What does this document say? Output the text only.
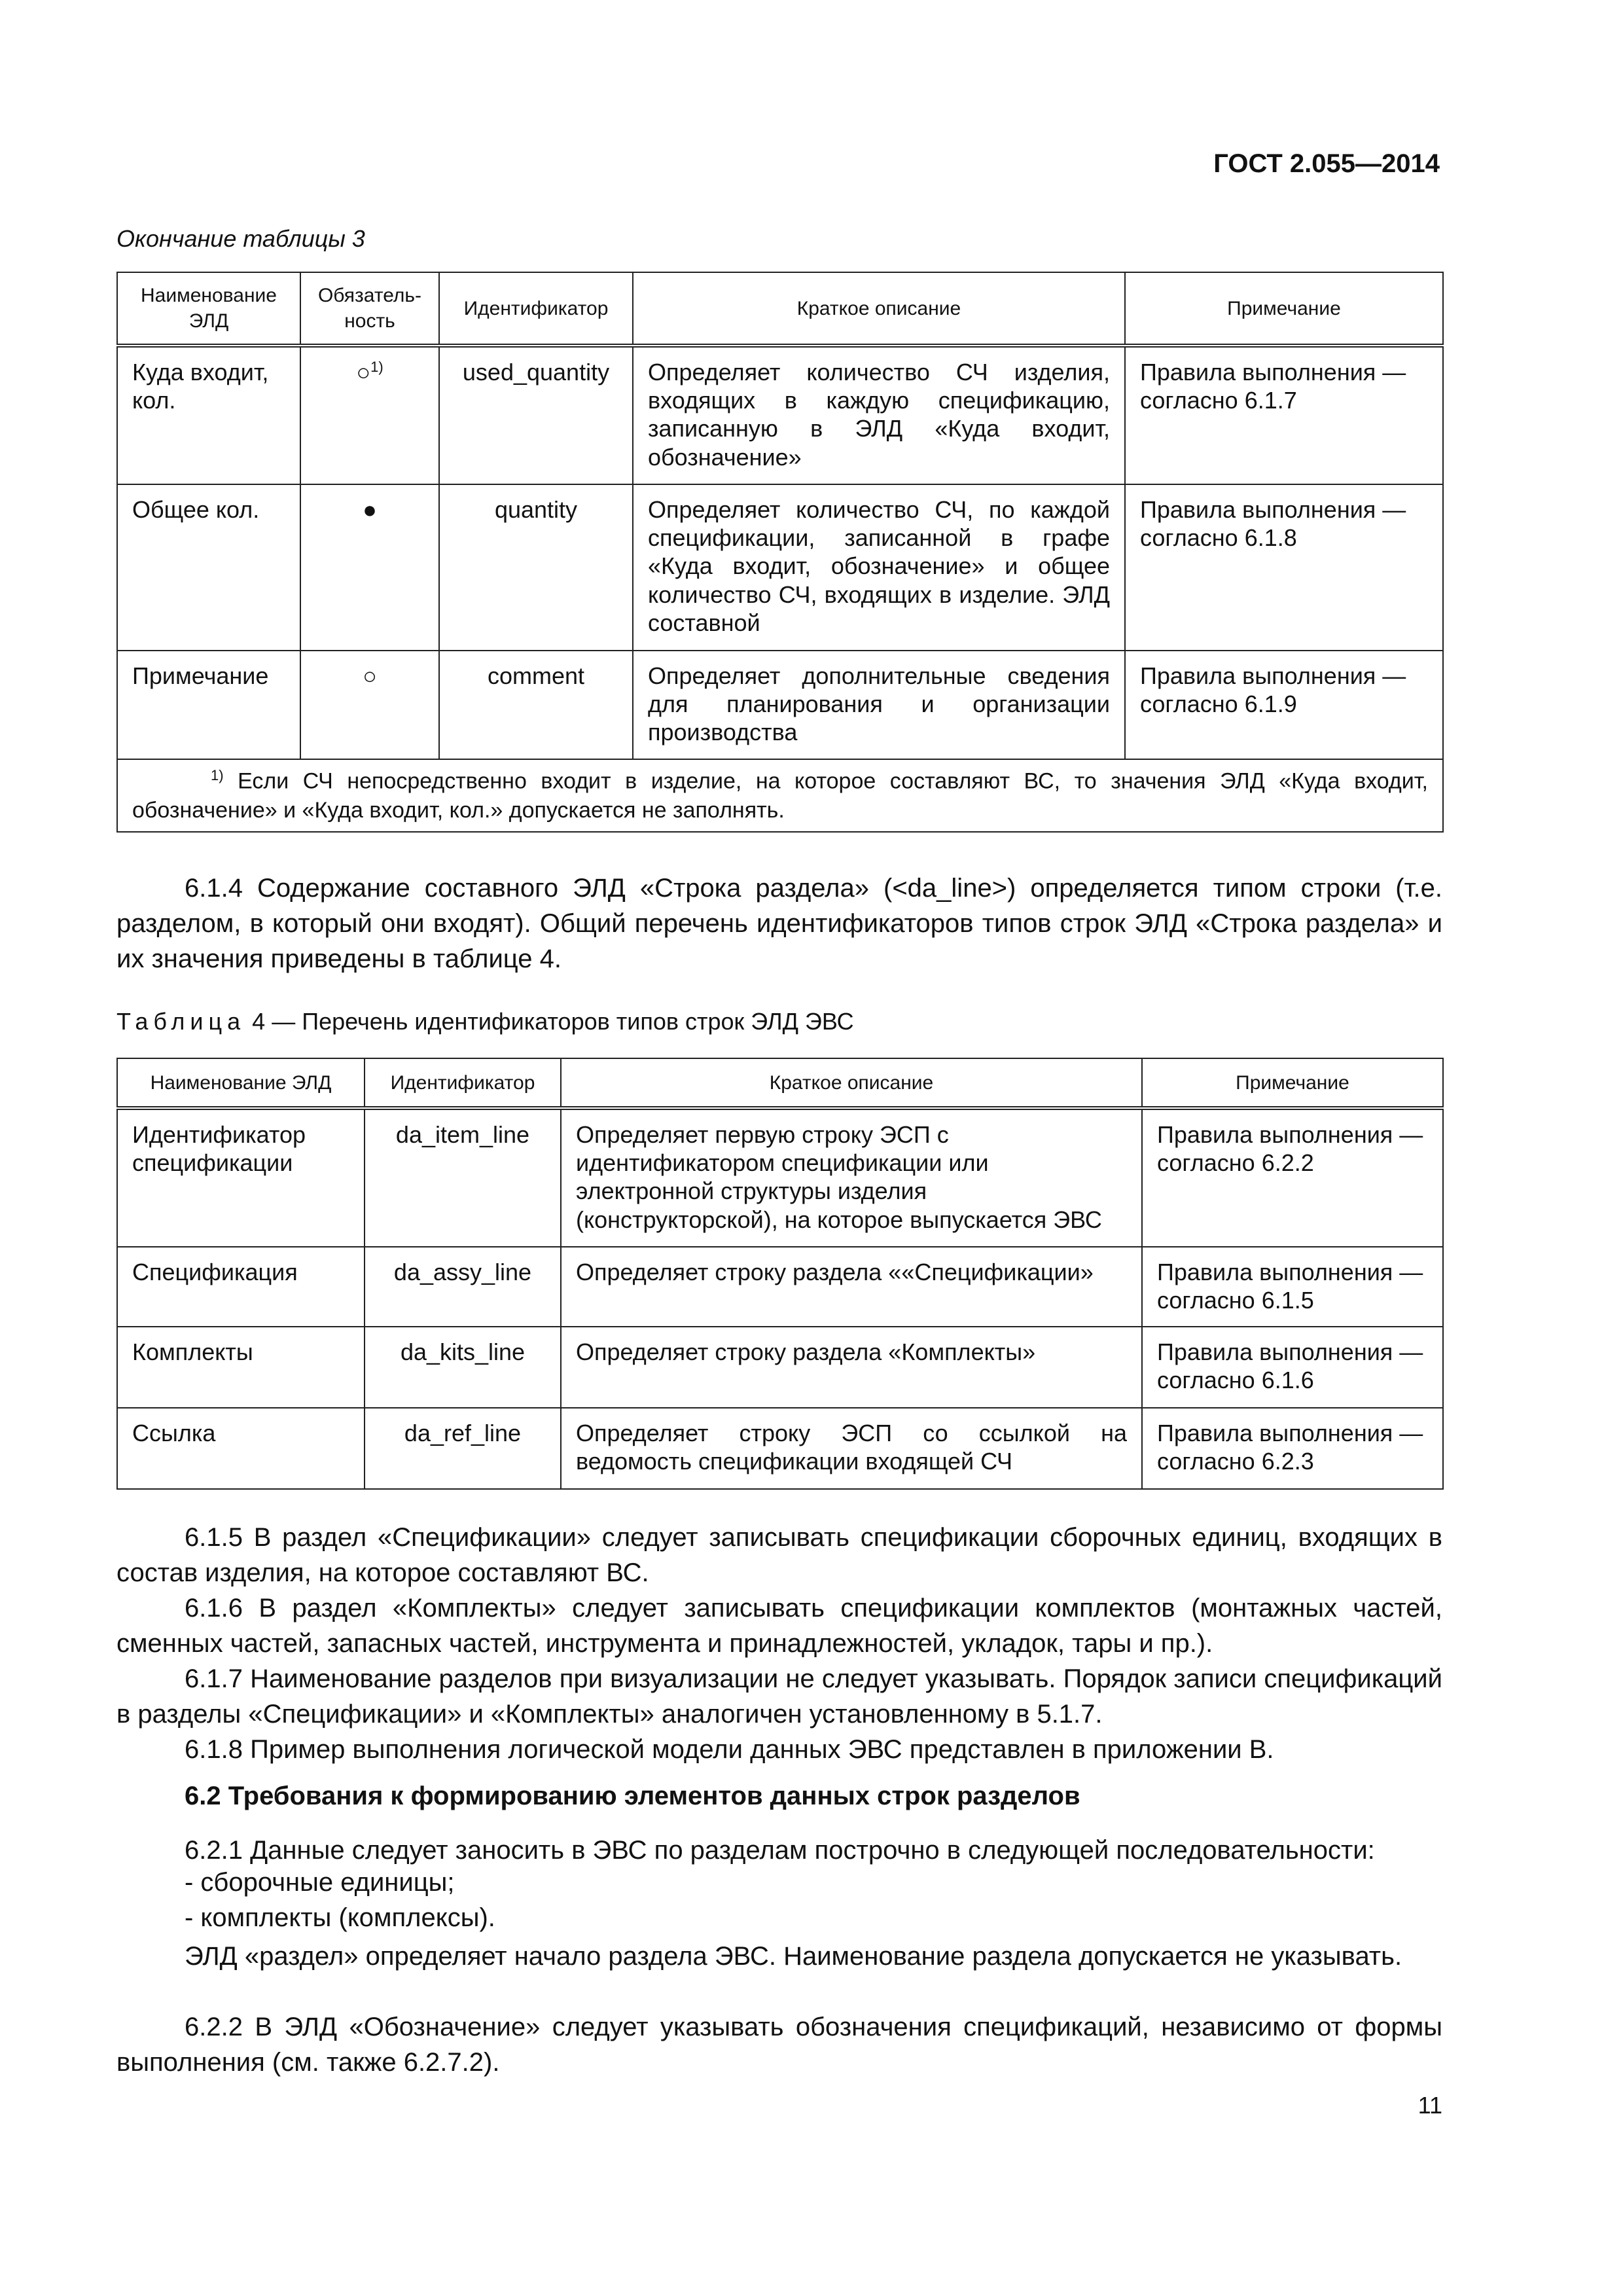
ГОСТ 2.055—2014
Окончание таблицы 3
Наименование ЭЛД	Обязатель-ность	Идентификатор	Краткое описание	Примечание
Куда входит, кол.	○$^{1)}$	used_quantity	Определяет количество СЧ изделия, входящих в каждую спецификацию, записанную в ЭЛД «Куда входит, обозначение»	Правила выполнения — согласно 6.1.7
Общее кол.	●	quantity	Определяет количество СЧ, по каждой спецификации, записанной в графе «Куда входит, обозначение» и общее количество СЧ, входящих в изделие. ЭЛД составной	Правила выполнения — согласно 6.1.8
Примечание	○	comment	Определяет дополнительные сведения для планирования и организации производства	Правила выполнения — согласно 6.1.9
$^{1)}$ Если СЧ непосредственно входит в изделие, на которое составляют ВС, то значения ЭЛД «Куда входит, обозначение» и «Куда входит, кол.» допускается не заполнять.				
6.1.4 Содержание составного ЭЛД «Строка раздела» (<da_line>) определяется типом строки (т.е. разделом, в который они входят). Общий перечень идентификаторов типов строк ЭЛД «Строка раздела» и их значения приведены в таблице 4.
Таблица 4 — Перечень идентификаторов типов строк ЭЛД ЭВС
Наименование ЭЛД	Идентификатор	Краткое описание	Примечание
Идентификатор спецификации	da_item_line	Определяет первую строку ЭСП с идентификатором спецификации или электронной структуры изделия (конструкторской), на которое выпускается ЭВС	Правила выполнения — согласно 6.2.2
Спецификация	da_assy_line	Определяет строку раздела ««Спецификации»	Правила выполнения — согласно 6.1.5
Комплекты	da_kits_line	Определяет строку раздела «Комплекты»	Правила выполнения — согласно 6.1.6
Ссылка	da_ref_line	Определяет строку ЭСП со ссылкой на ведомость спецификации входящей СЧ	Правила выполнения — согласно 6.2.3
6.1.5 В раздел «Спецификации» следует записывать спецификации сборочных единиц, входящих в состав изделия, на которое составляют ВС.
6.1.6 В раздел «Комплекты» следует записывать спецификации комплектов (монтажных частей, сменных частей, запасных частей, инструмента и принадлежностей, укладок, тары и пр.).
6.1.7 Наименование разделов при визуализации не следует указывать. Порядок записи спецификаций в разделы «Спецификации» и «Комплекты» аналогичен установленному в 5.1.7.
6.1.8 Пример выполнения логической модели данных ЭВС представлен в приложении В.
6.2 Требования к формированию элементов данных строк разделов
6.2.1 Данные следует заносить в ЭВС по разделам построчно в следующей последовательности:
- сборочные единицы;
- комплекты (комплексы).
ЭЛД «раздел» определяет начало раздела ЭВС. Наименование раздела допускается не указывать.
6.2.2 В ЭЛД «Обозначение» следует указывать обозначения спецификаций, независимо от формы выполнения (см. также 6.2.7.2).
11
